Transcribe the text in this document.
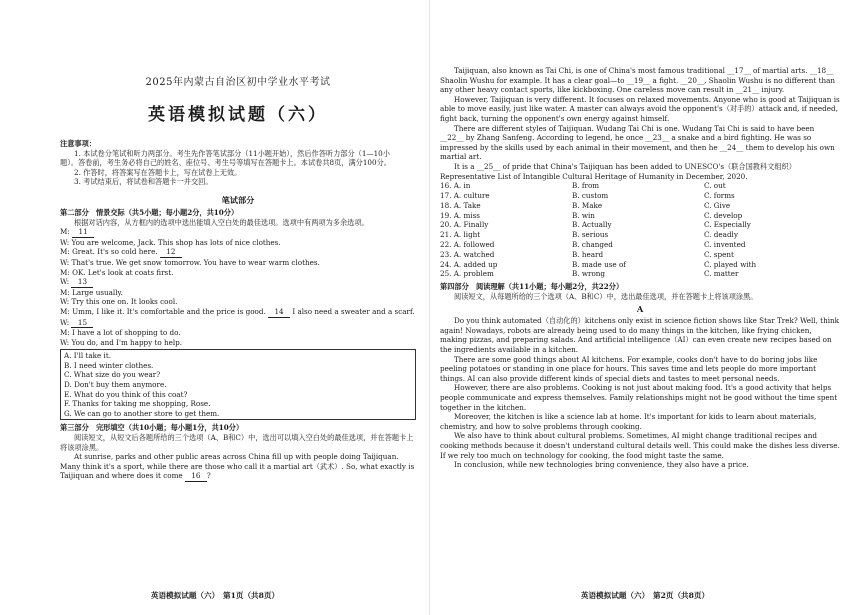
2025年内蒙古自治区初中学业水平考试

英语模拟试题（六）

注意事项：

1. 本试卷分笔试和听力两部分。考生先作答笔试部分（11小题开始），然后作答听力部分（1—10小

题）。答卷前，考生务必将自己的姓名、座位号、考生号等填写在答题卡上。本试卷共8页，满分100分。

2. 作答时，将答案写在答题卡上，写在试卷上无效。

3. 考试结束后，将试卷和答题卡一并交回。

笔试部分

第二部分　情景交际（共5小题；每小题2分，共10分）

根据对话内容，从方框内的选项中选出能填入空白处的最佳选项。选项中有两项为多余选项。

M: 11

W: You are welcome, Jack. This shop has lots of nice clothes.

M: Great. It's so cold here. 12

W: That's true. We get snow tomorrow. You have to wear warm clothes.

M: OK. Let's look at coats first.

W: 13

M: Large usually.

W: Try this one on. It looks cool.

M: Umm, I like it. It's comfortable and the price is good. 14 I also need a sweater and a scarf.

W: 15

M: I have a lot of shopping to do.

W: You do, and I'm happy to help.

A. I'll take it.

B. I need winter clothes.

C. What size do you wear?

D. Don't buy them anymore.

E. What do you think of this coat?

F. Thanks for taking me shopping, Rose.

G. We can go to another store to get them.

第三部分　完形填空（共10小题；每小题1分，共10分）

阅读短文，从短文后各题所给的三个选项（A、B和C）中，选出可以填入空白处的最佳选项，并在答题卡上将该项涂黑。

At sunrise, parks and other public areas across China fill up with people doing Taijiquan.

Many think it's a sport, while there are those who call it a martial art（武术）. So, what exactly is

Taijiquan and where does it come 16 ?

英语模拟试题（六）　第1页（共8页）

Taijiquan, also known as Tai Chi, is one of China's most famous traditional __17__ of martial arts. __18__ Shaolin Wushu for example. It has a clear goal—to __19__ a fight. __20__, Shaolin Wushu is no different than any other heavy contact sports, like kickboxing. One careless move can result in __21__ injury.

However, Taijiquan is very different. It focuses on relaxed movements. Anyone who is good at Taijiquan is able to move easily, just like water. A master can always avoid the opponent's（对手的）attack and, if needed, fight back, turning the opponent's own energy against himself.

There are different styles of Taijiquan. Wudang Tai Chi is one. Wudang Tai Chi is said to have been __22__ by Zhang Sanfeng. According to legend, he once __23__ a snake and a bird fighting. He was so impressed by the skills used by each animal in their movement, and then he __24__ them to develop his own martial art.

It is a __25__ of pride that China's Taijiquan has been added to UNESCO's（联合国教科文组织）Representative List of Intangible Cultural Heritage of Humanity in December, 2020.

16. A. in	B. from	C. out

17. A. culture	B. custom	C. forms

18. A. Take	B. Make	C. Give

19. A. miss	B. win	C. develop

20. A. Finally	B. Actually	C. Especially

21. A. light	B. serious	C. deadly

22. A. followed	B. changed	C. invented

23. A. watched	B. heard	C. spent

24. A. added up	B. made use of	C. played with

25. A. problem	B. wrong	C. matter

第四部分　阅读理解（共11小题；每小题2分，共22分）

阅读短文，从每题所给的三个选项（A、B和C）中，选出最佳选项，并在答题卡上将该项涂黑。

A

Do you think automated（自动化的）kitchens only exist in science fiction shows like Star Trek? Well, think again! Nowadays, robots are already being used to do many things in the kitchen, like frying chicken, making pizzas, and preparing salads. And artificial intelligence（AI）can even create new recipes based on the ingredients available in a kitchen.

There are some good things about AI kitchens. For example, cooks don't have to do boring jobs like peeling potatoes or standing in one place for hours. This saves time and lets people do more important things. AI can also provide different kinds of special diets and tastes to meet personal needs.

However, there are also problems. Cooking is not just about making food. It's a good activity that helps people communicate and express themselves. Family relationships might not be good without the time spent together in the kitchen.

Moreover, the kitchen is like a science lab at home. It's important for kids to learn about materials, chemistry, and how to solve problems through cooking.

We also have to think about cultural problems. Sometimes, AI might change traditional recipes and cooking methods because it doesn't understand cultural details well. This could make the dishes less diverse. If we rely too much on technology for cooking, the food might taste the same.

In conclusion, while new technologies bring convenience, they also have a price.

英语模拟试题（六）　第2页（共8页）
